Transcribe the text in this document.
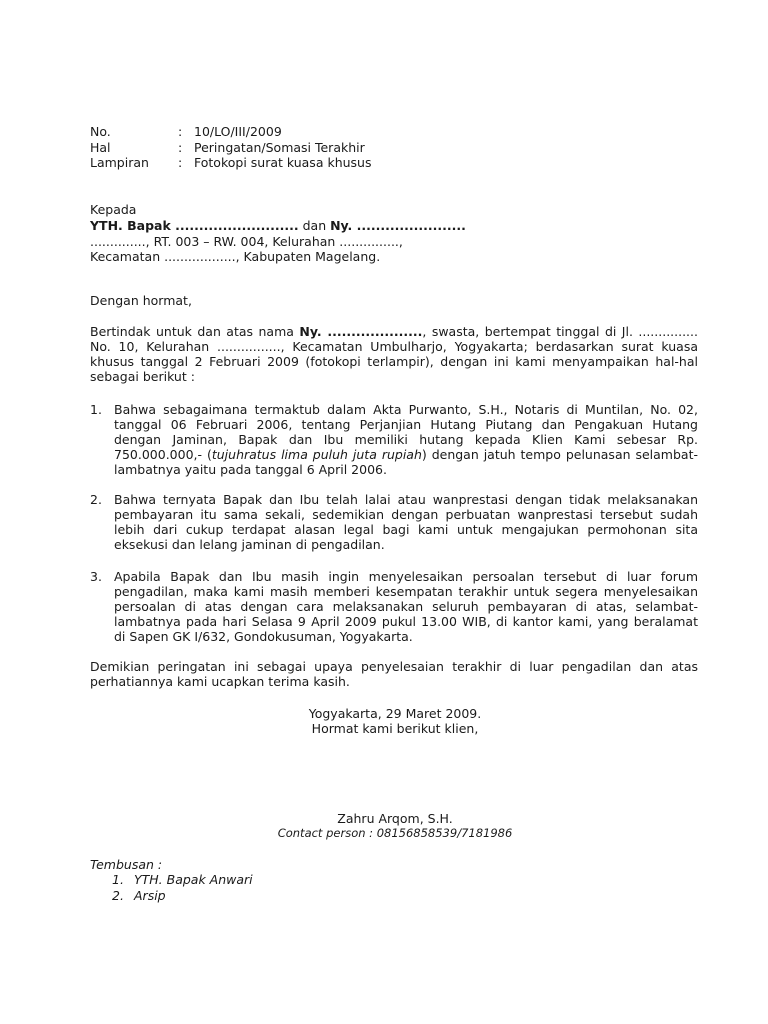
No.	: 10/LO/III/2009
Hal	: Peringatan/Somasi Terakhir
Lampiran : Fotokopi surat kuasa khusus
Kepada
YTH. Bapak .......................... dan Ny. .......................
.............., RT. 003 – RW. 004, Kelurahan ...............,
Kecamatan .................., Kabupaten Magelang.
Dengan hormat,
Bertindak untuk dan atas nama Ny. ...................., swasta, bertempat tinggal di Jl. ...............
No. 10, Kelurahan ................, Kecamatan Umbulharjo, Yogyakarta; berdasarkan surat kuasa
khusus tanggal 2 Februari 2009 (fotokopi terlampir), dengan ini kami menyampaikan hal-hal
sebagai berikut :
1. Bahwa sebagaimana termaktub dalam Akta Purwanto, S.H., Notaris di Muntilan, No. 02,
tanggal 06 Februari 2006, tentang Perjanjian Hutang Piutang dan Pengakuan Hutang
dengan Jaminan, Bapak dan Ibu memiliki hutang kepada Klien Kami sebesar Rp.
750.000.000,- (tujuhratus lima puluh juta rupiah) dengan jatuh tempo pelunasan selambat-
lambatnya yaitu pada tanggal 6 April 2006.
2. Bahwa ternyata Bapak dan Ibu telah lalai atau wanprestasi dengan tidak melaksanakan
pembayaran itu sama sekali, sedemikian dengan perbuatan wanprestasi tersebut sudah
lebih dari cukup terdapat alasan legal bagi kami untuk mengajukan permohonan sita
eksekusi dan lelang jaminan di pengadilan.
3. Apabila Bapak dan Ibu masih ingin menyelesaikan persoalan tersebut di luar forum
pengadilan, maka kami masih memberi kesempatan terakhir untuk segera menyelesaikan
persoalan di atas dengan cara melaksanakan seluruh pembayaran di atas, selambat-
lambatnya pada hari Selasa 9 April 2009 pukul 13.00 WIB, di kantor kami, yang beralamat
di Sapen GK I/632, Gondokusuman, Yogyakarta.
Demikian peringatan ini sebagai upaya penyelesaian terakhir di luar pengadilan dan atas
perhatiannya kami ucapkan terima kasih.
Yogyakarta, 29 Maret 2009.
Hormat kami berikut klien,
Zahru Arqom, S.H.
Contact person : 08156858539/7181986
Tembusan :
1. YTH. Bapak Anwari
2. Arsip
